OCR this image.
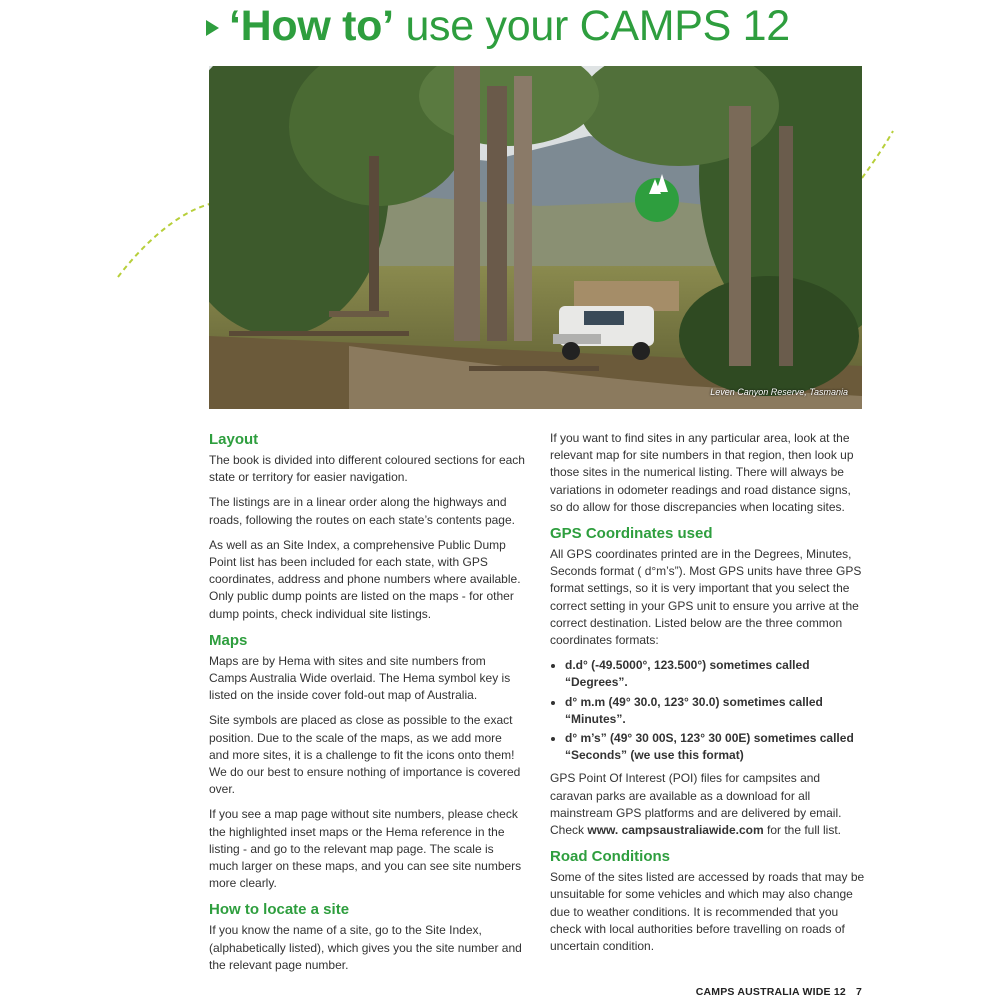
‘How to’ use your CAMPS 12
Leven Canyon Reserve, Tasmania
Layout

The book is divided into different coloured sections for each state or territory for easier navigation.

The listings are in a linear order along the highways and roads, following the routes on each state’s contents page.

As well as an Site Index, a comprehensive Public Dump Point list has been included for each state, with GPS coordinates, address and phone numbers where available. Only public dump points are listed on the maps - for other dump points, check individual site listings.

Maps

Maps are by Hema with sites and site numbers from Camps Australia Wide overlaid. The Hema symbol key is listed on the inside cover fold-out map of Australia.

Site symbols are placed as close as possible to the exact position. Due to the scale of the maps, as we add more and more sites, it is a challenge to fit the icons onto them! We do our best to ensure nothing of importance is covered over.

If you see a map page without site numbers, please check the highlighted inset maps or the Hema reference in the listing - and go to the relevant map page. The scale is much larger on these maps, and you can see site numbers more clearly.

How to locate a site

If you know the name of a site, go to the Site Index, (alphabetically listed), which gives you the site number and the relevant page number.

If you want to find sites in any particular area, look at the relevant map for site numbers in that region, then look up those sites in the numerical listing. There will always be variations in odometer readings and road distance signs, so do allow for those discrepancies when locating sites.

GPS Coordinates used

All GPS coordinates printed are in the Degrees, Minutes, Seconds format ( d°m’s”). Most GPS units have three GPS format settings, so it is very important that you select the correct setting in your GPS unit to ensure you arrive at the correct destination. Listed below are the three common coordinates formats:

• d.d° (-49.5000°, 123.500°) sometimes called “Degrees”.
• d° m.m (49° 30.0, 123° 30.0) sometimes called “Minutes”.
• d° m’s” (49° 30 00S, 123° 30 00E) sometimes called “Seconds” (we use this format)

GPS Point Of Interest (POI) files for campsites and caravan parks are available as a download for all mainstream GPS platforms and are delivered by email. Check www. campsaustraliawide.com for the full list.

Road Conditions

Some of the sites listed are accessed by roads that may be unsuitable for some vehicles and which may also change due to weather conditions. It is recommended that you check with local authorities before travelling on roads of uncertain condition.

CAMPS AUSTRALIA WIDE 12 7
